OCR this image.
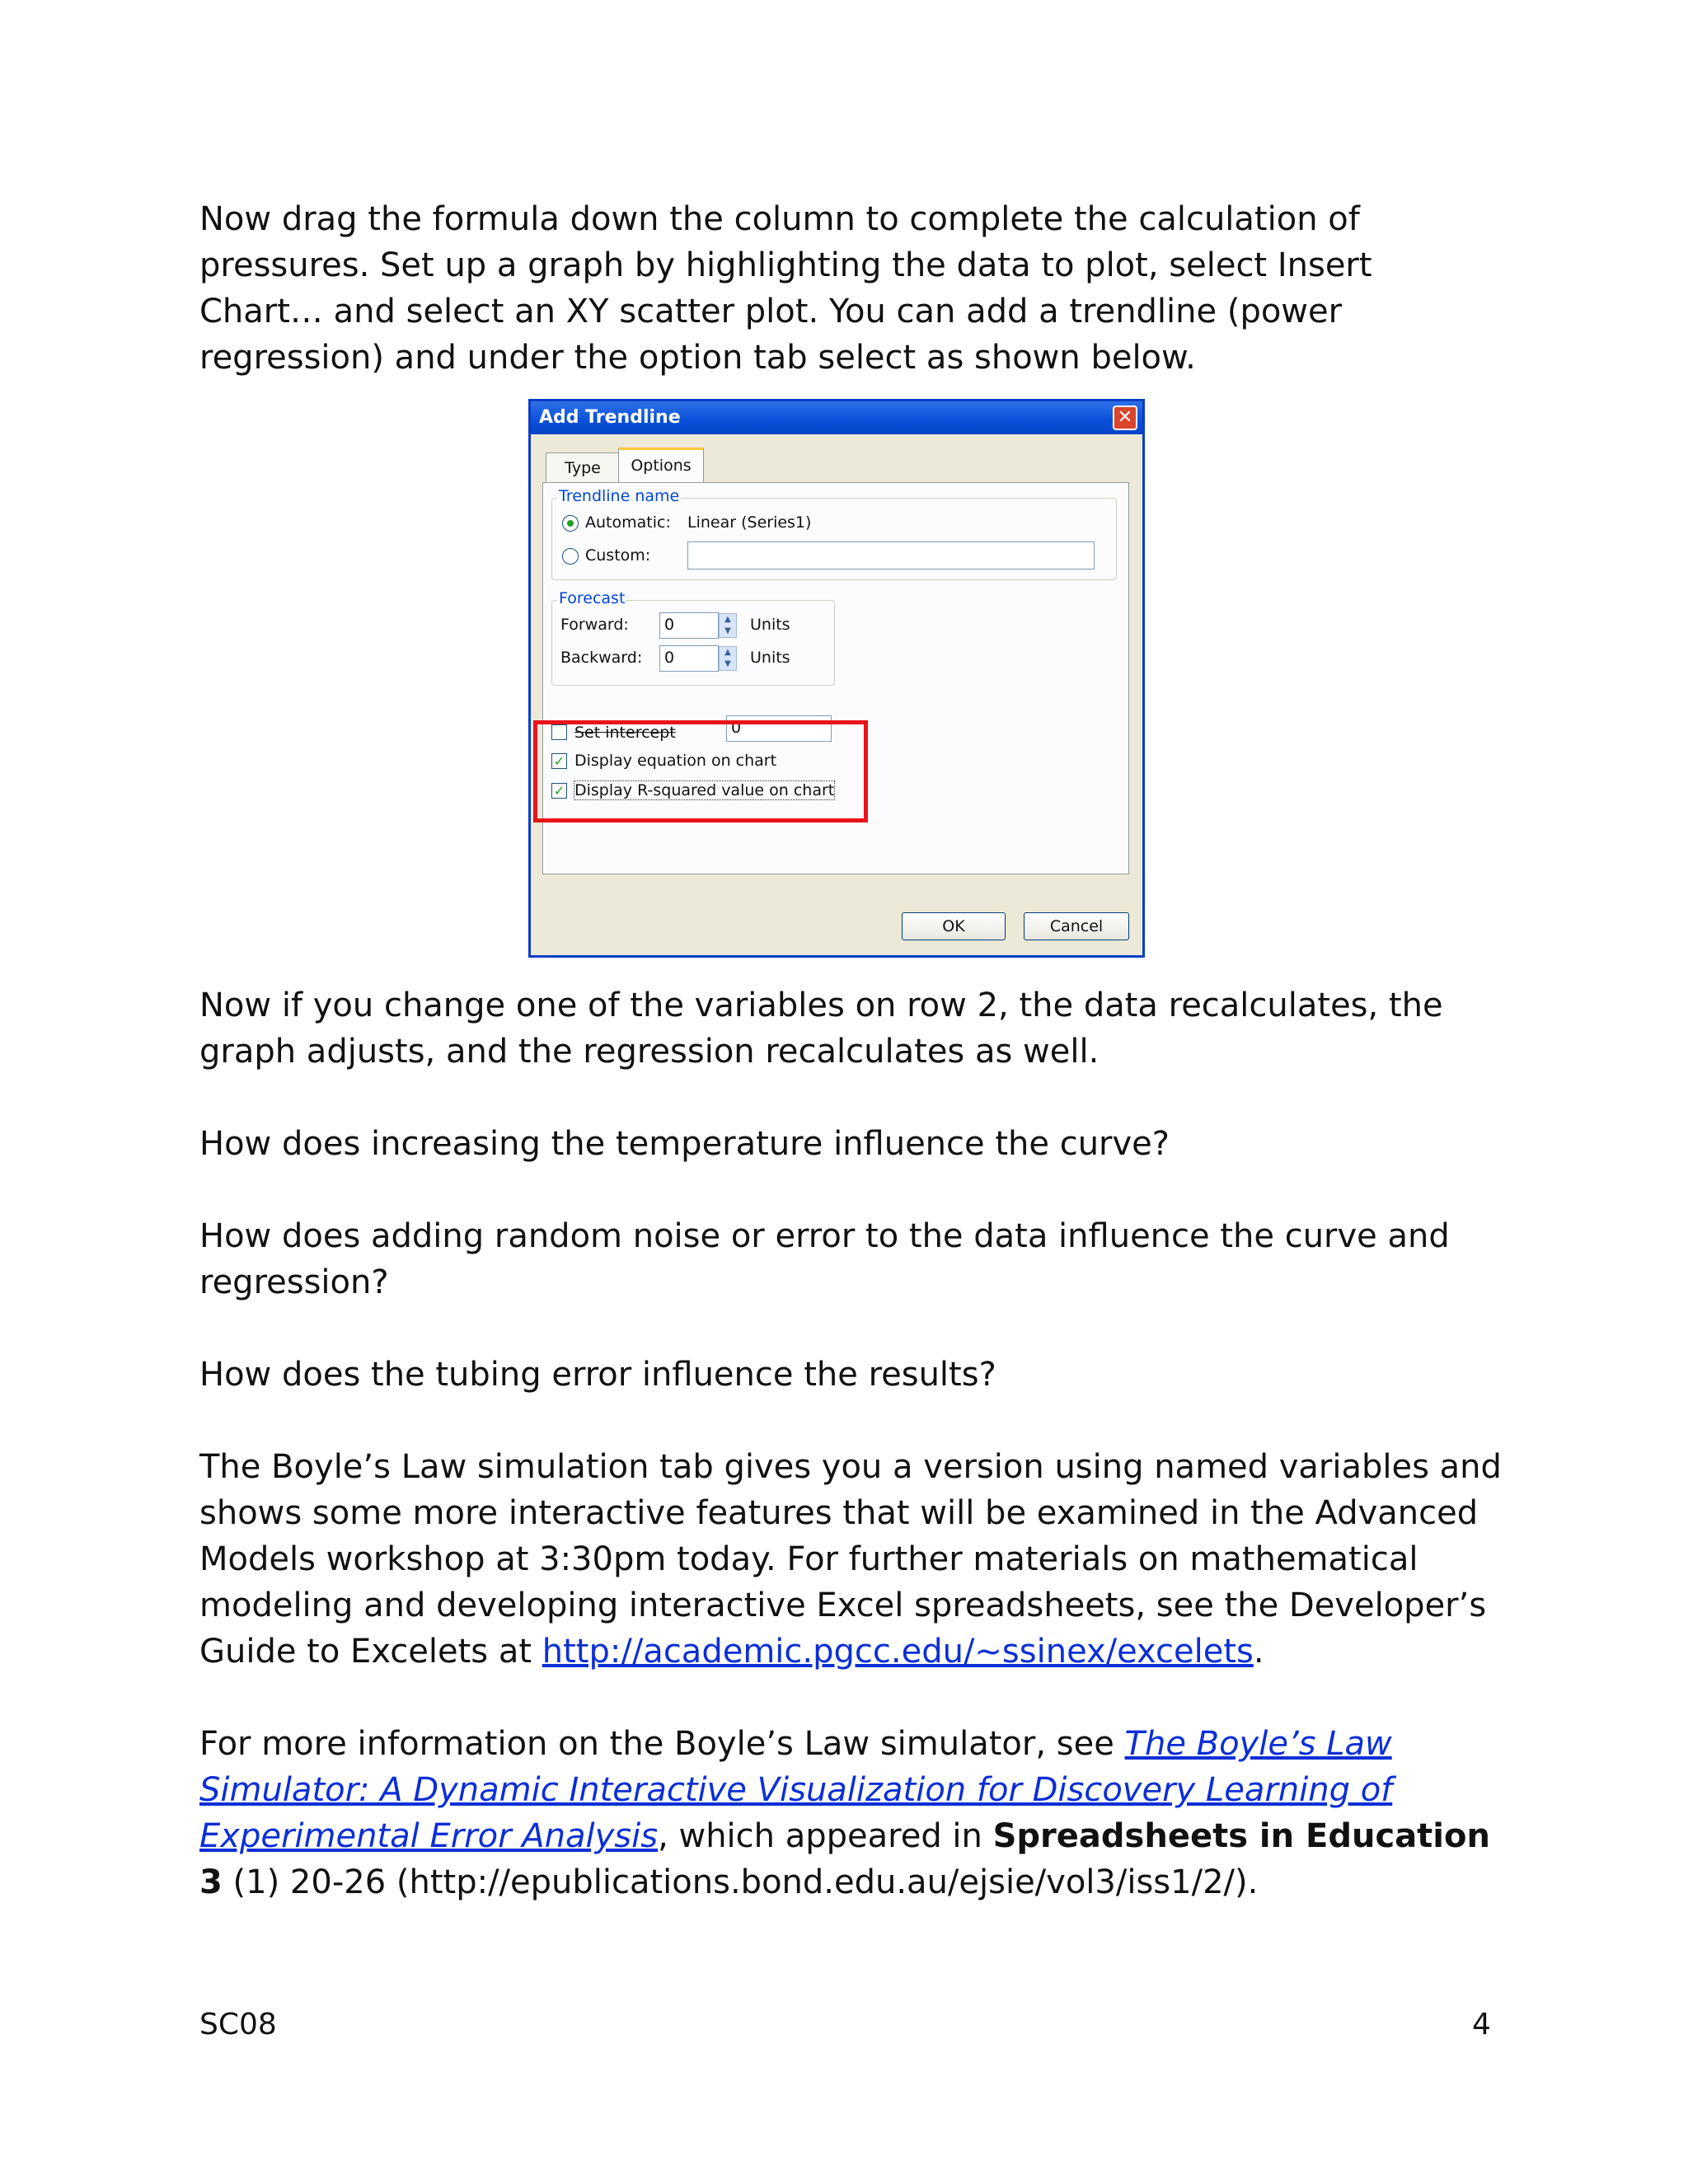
Now drag the formula down the column to complete the calculation of pressures. Set up a graph by highlighting the data to plot, select Insert Chart… and select an XY scatter plot. You can add a trendline (power regression) and under the option tab select as shown below.

Add Trendline	✕
Type	Options
Trendline name
Automatic: Linear (Series1)
Custom:
Forecast
Forward:	0	▲
▼	Units
Backward:	0	▲
▼	Units
Set intercept	0
✓ Display equation on chart
✓ Display R-squared value on chart
OK	Cancel

Now if you change one of the variables on row 2, the data recalculates, the graph adjusts, and the regression recalculates as well.

How does increasing the temperature influence the curve?

How does adding random noise or error to the data influence the curve and regression?

How does the tubing error influence the results?

The Boyle’s Law simulation tab gives you a version using named variables and shows some more interactive features that will be examined in the Advanced Models workshop at 3:30pm today. For further materials on mathematical modeling and developing interactive Excel spreadsheets, see the Developer’s Guide to Excelets at http://academic.pgcc.edu/~ssinex/excelets.

For more information on the Boyle’s Law simulator, see The Boyle’s Law Simulator: A Dynamic Interactive Visualization for Discovery Learning of Experimental Error Analysis, which appeared in Spreadsheets in Education 3 (1) 20-26 (http://epublications.bond.edu.au/ejsie/vol3/iss1/2/).

SC08	4
